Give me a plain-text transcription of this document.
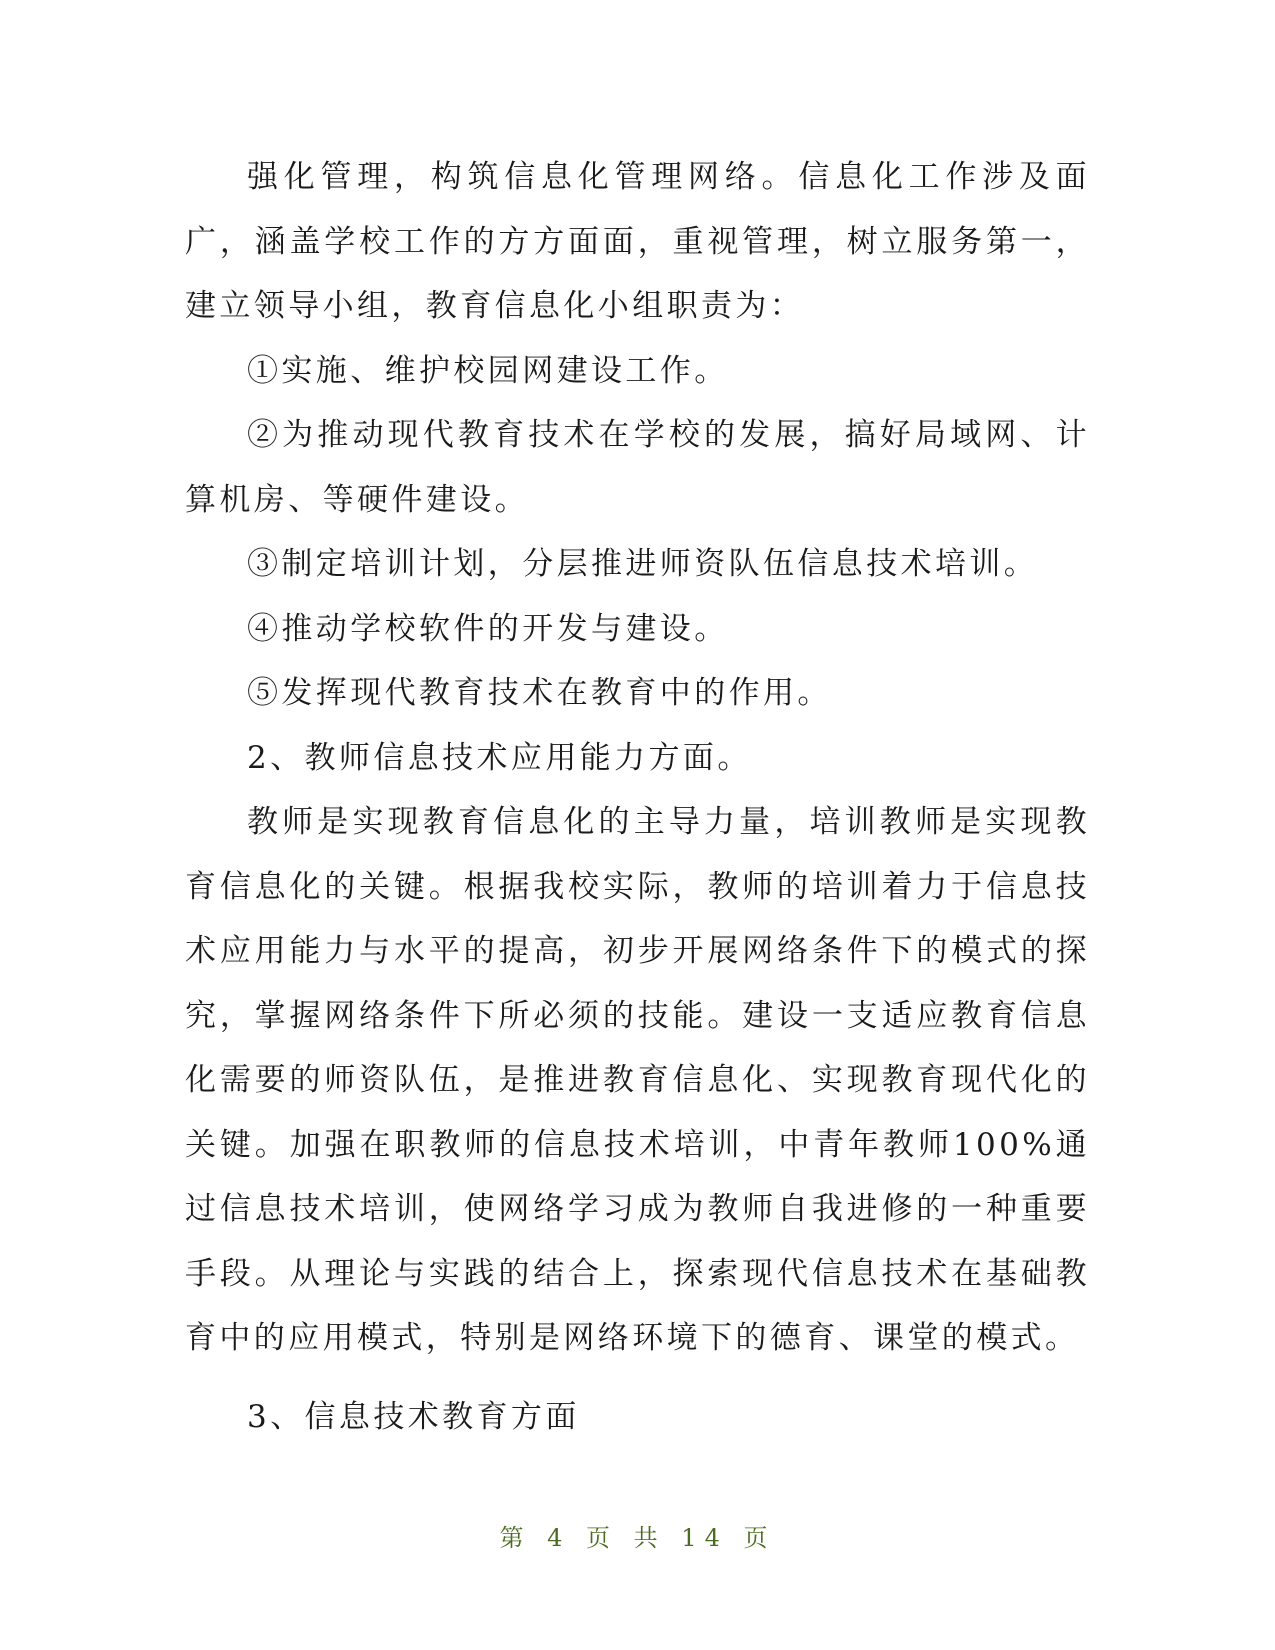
强化管理，构筑信息化管理网络。信息化工作涉及面广，涵盖学校工作的方方面面，重视管理，树立服务第一，建立领导小组，教育信息化小组职责为：

①实施、维护校园网建设工作。

②为推动现代教育技术在学校的发展，搞好局域网、计算机房、等硬件建设。

③制定培训计划，分层推进师资队伍信息技术培训。

④推动学校软件的开发与建设。

⑤发挥现代教育技术在教育中的作用。

2、教师信息技术应用能力方面。

教师是实现教育信息化的主导力量，培训教师是实现教育信息化的关键。根据我校实际，教师的培训着力于信息技术应用能力与水平的提高，初步开展网络条件下的模式的探究，掌握网络条件下所必须的技能。建设一支适应教育信息化需要的师资队伍，是推进教育信息化、实现教育现代化的关键。加强在职教师的信息技术培训，中青年教师100%通过信息技术培训，使网络学习成为教师自我进修的一种重要手段。从理论与实践的结合上，探索现代信息技术在基础教育中的应用模式，特别是网络环境下的德育、课堂的模式。

3、信息技术教育方面

第 4 页 共 14 页
